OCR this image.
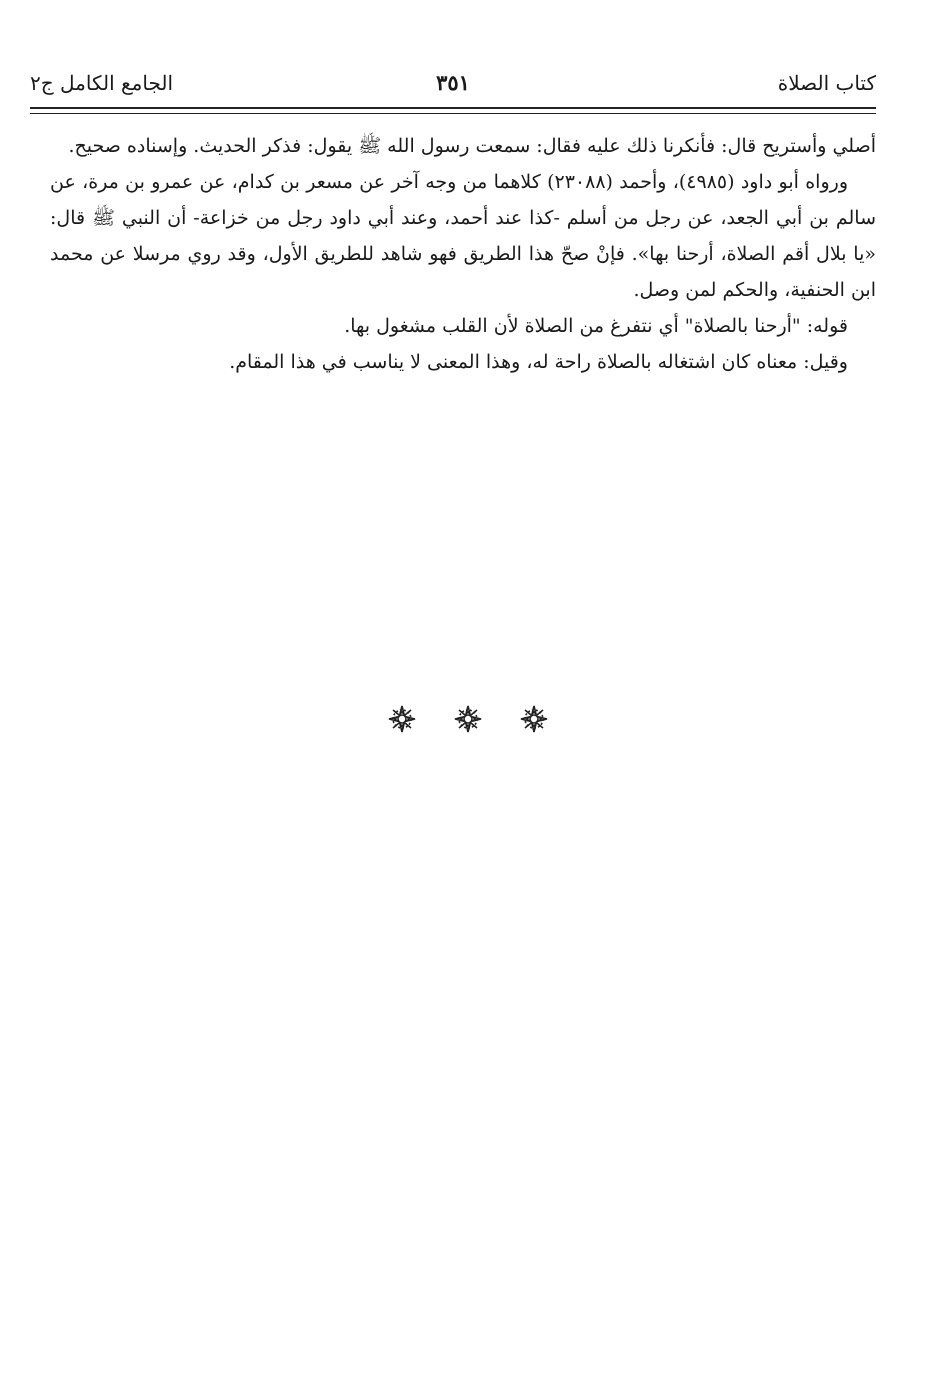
كتاب الصلاة
٣٥١
الجامع الكامل ج٢

أصلي وأستريح قال: فأنكرنا ذلك عليه فقال: سمعت رسول الله ﷺ يقول: فذكر الحديث. وإسناده صحيح.

ورواه أبو داود (٤٩٨٥)، وأحمد (٢٣٠٨٨) كلاهما من وجه آخر عن مسعر بن كدام، عن عمرو بن مرة، عن سالم بن أبي الجعد، عن رجل من أسلم -كذا عند أحمد، وعند أبي داود رجل من خزاعة- أن النبي ﷺ قال: «يا بلال أقم الصلاة، أرحنا بها». فإنْ صحّ هذا الطريق فهو شاهد للطريق الأول، وقد روي مرسلا عن محمد ابن الحنفية، والحكم لمن وصل.

قوله: "أرحنا بالصلاة" أي نتفرغ من الصلاة لأن القلب مشغول بها.

وقيل: معناه كان اشتغاله بالصلاة راحة له، وهذا المعنى لا يناسب في هذا المقام.
